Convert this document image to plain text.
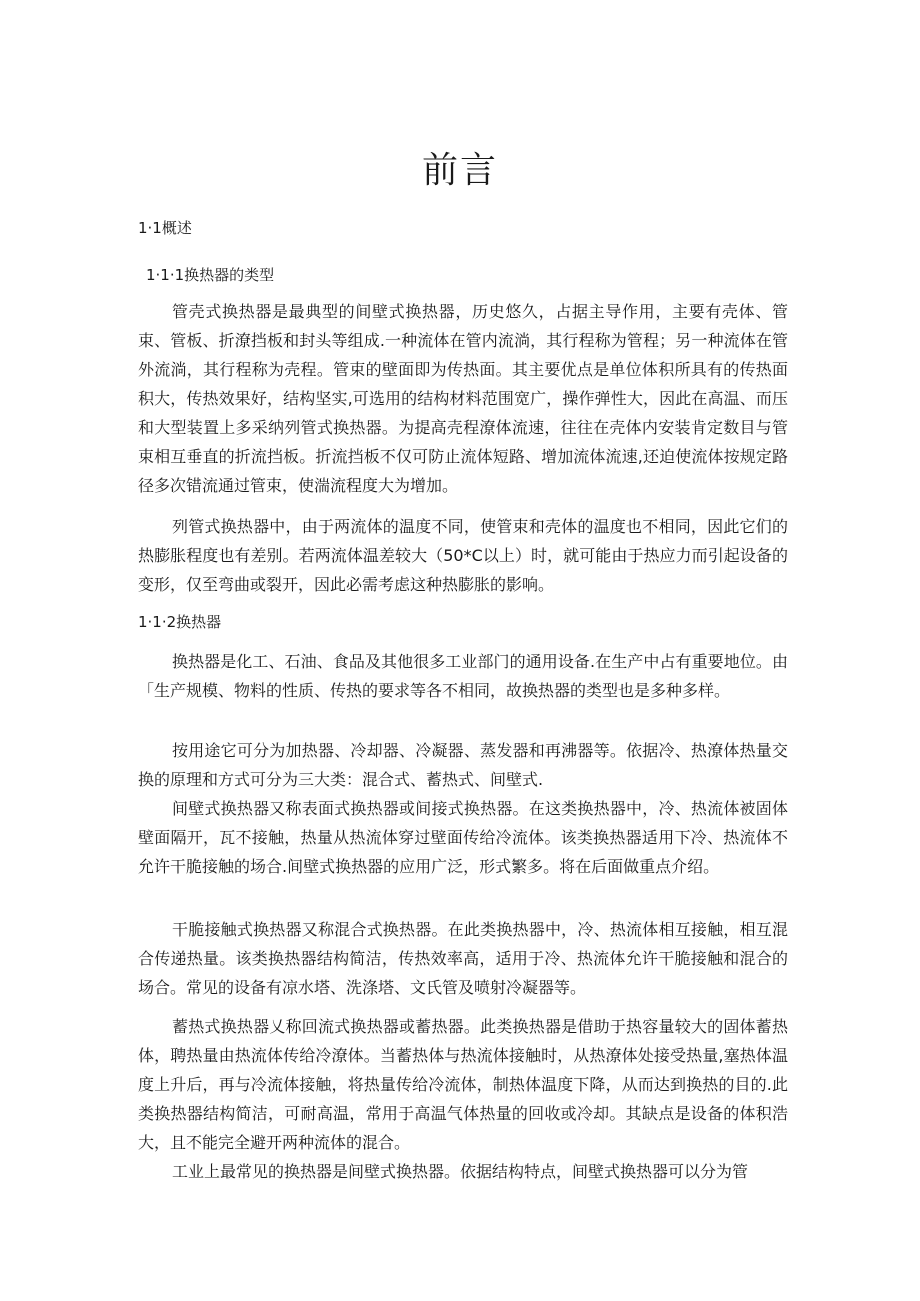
前言
1·1概述
1·1·1换热器的类型

管壳式换热器是最典型的间壁式换热器，历史悠久，占据主导作用，主要有壳体、管束、管板、折潦挡板和封头等组成.一种流体在管内流淌，其行程称为管程；另一种流体在管外流淌，其行程称为壳程。管束的壁面即为传热面。其主要优点是单位体积所具有的传热面积大，传热效果好，结构坚实,可选用的结构材料范围宽广，操作弹性大，因此在高温、而压和大型装置上多采纳列管式换热器。为提高壳程潦体流速，往往在壳体内安装肯定数目与管束相互垂直的折流挡板。折流挡板不仅可防止流体短路、增加流体流速,还迫使流体按规定路径多次错流通过管束，使湍流程度大为增加。

列管式换热器中，由于两流体的温度不同，使管束和壳体的温度也不相同，因此它们的热膨胀程度也有差别。若两流体温差较大（50*C以上）时，就可能由于热应力而引起设备的变形，仅至弯曲或裂开，因此必需考虑这种热膨胀的影响。

1·1·2换热器

换热器是化工、石油、食品及其他很多工业部门的通用设备.在生产中占有重要地位。由「生产规模、物料的性质、传热的要求等各不相同，故换热器的类型也是多种多样。

按用途它可分为加热器、冷却器、冷凝器、蒸发器和再沸器等。依据冷、热潦体热量交换的原理和方式可分为三大类：混合式、蓄热式、间壁式.

间壁式换热器又称表面式换热器或间接式换热器。在这类换热器中，冷、热流体被固体壁面隔开，瓦不接触，热量从热流体穿过壁面传给冷流体。该类换热器适用下冷、热流体不允许干脆接触的场合.间壁式换热器的应用广泛，形式繁多。将在后面做重点介绍。

干脆接触式换热器又称混合式换热器。在此类换热器中，冷、热流体相互接触，相互混合传递热量。该类换热器结构简洁，传热效率高，适用于冷、热流体允许干脆接触和混合的场合。常见的设备有凉水塔、洗涤塔、文氏管及喷射冷凝器等。

蓄热式换热器乂称回流式换热器或蓄热器。此类换热器是借助于热容量较大的固体蓄热体，聘热量由热流体传给冷潦体。当蓄热体与热流体接触时，从热潦体处接受热量,塞热体温度上升后，再与冷流体接触，将热量传给冷流体，制热体温度下降，从而达到换热的目的.此类换热器结构简洁，可耐高温，常用于高温气体热量的回收或冷却。其缺点是设备的体积浩大，且不能完全避开两种流体的混合。

工业上最常见的换热器是间壁式换热器。依据结构特点，间壁式换热器可以分为管
